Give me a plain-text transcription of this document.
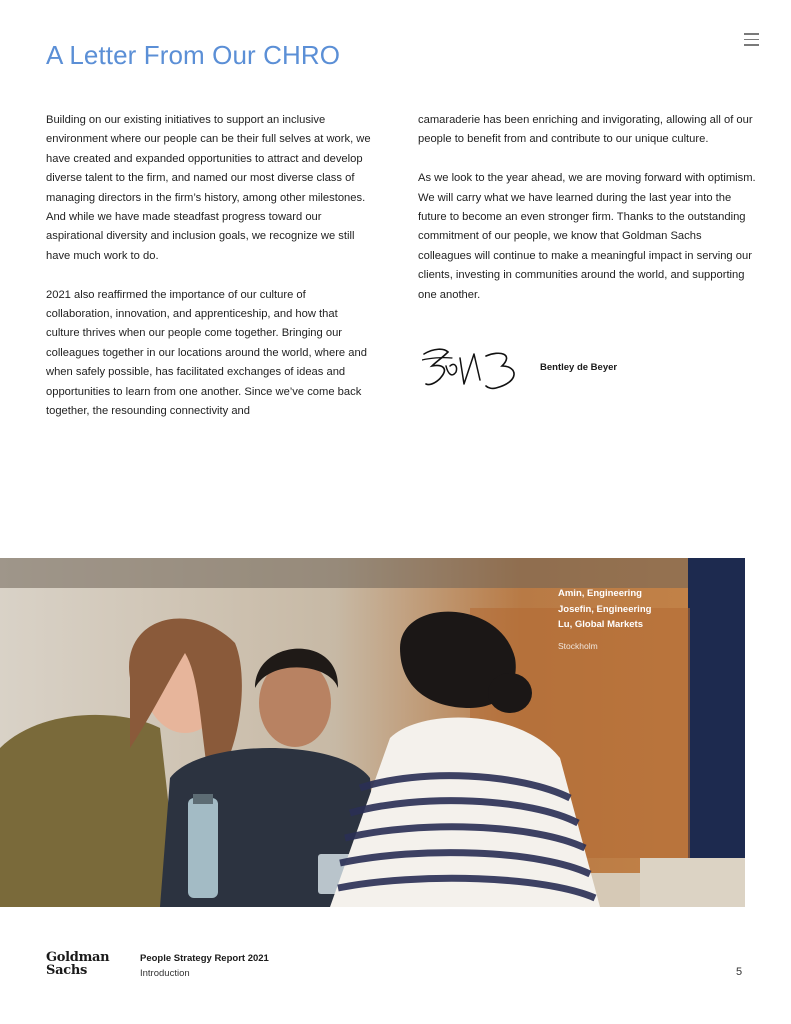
A Letter From Our CHRO

Building on our existing initiatives to support an inclusive environment where our people can be their full selves at work, we have created and expanded opportunities to attract and develop diverse talent to the firm, and named our most diverse class of managing directors in the firm’s history, among other milestones. And while we have made steadfast progress toward our aspirational diversity and inclusion goals, we recognize we still have much work to do.

2021 also reaffirmed the importance of our culture of collaboration, innovation, and apprenticeship, and how that culture thrives when our people come together. Bringing our colleagues together in our locations around the world, where and when safely possible, has facilitated exchanges of ideas and opportunities to learn from one another. Since we’ve come back together, the resounding connectivity and

camaraderie has been enriching and invigorating, allowing all of our people to benefit from and contribute to our unique culture.

As we look to the year ahead, we are moving forward with optimism. We will carry what we have learned during the last year into the future to become an even stronger firm. Thanks to the outstanding commitment of our people, we know that Goldman Sachs colleagues will continue to make a meaningful impact in serving our clients, investing in communities around the world, and supporting one another.

Bentley de Beyer
Amin, Engineering
Josefin, Engineering
Lu, Global Markets
Stockholm
Goldman
Sachs
People Strategy Report 2021
Introduction	5
